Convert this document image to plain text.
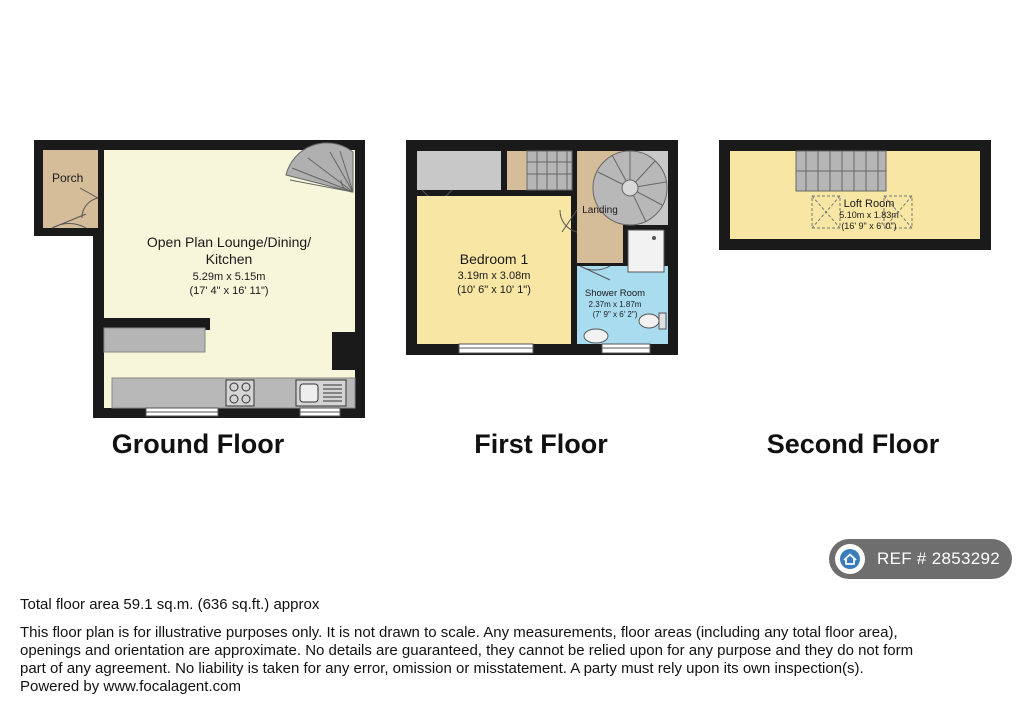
Porch
Open Plan Lounge/Dining/
Kitchen
5.29m x 5.15m
(17' 4" x 16' 11")
Bedroom 1
3.19m x 3.08m
(10' 6" x 10' 1")
Landing
Shower Room
2.37m x 1.87m
(7' 9" x 6' 2")
Loft Room
5.10m x 1.83m
(16' 9" x 6' 0")
Ground Floor	First Floor	Second Floor
REF # 2853292
Total floor area 59.1 sq.m. (636 sq.ft.) approx
This floor plan is for illustrative purposes only. It is not drawn to scale. Any measurements, floor areas (including any total floor area),
openings and orientation are approximate. No details are guaranteed, they cannot be relied upon for any purpose and they do not form
part of any agreement. No liability is taken for any error, omission or misstatement. A party must rely upon its own inspection(s).
Powered by www.focalagent.com
